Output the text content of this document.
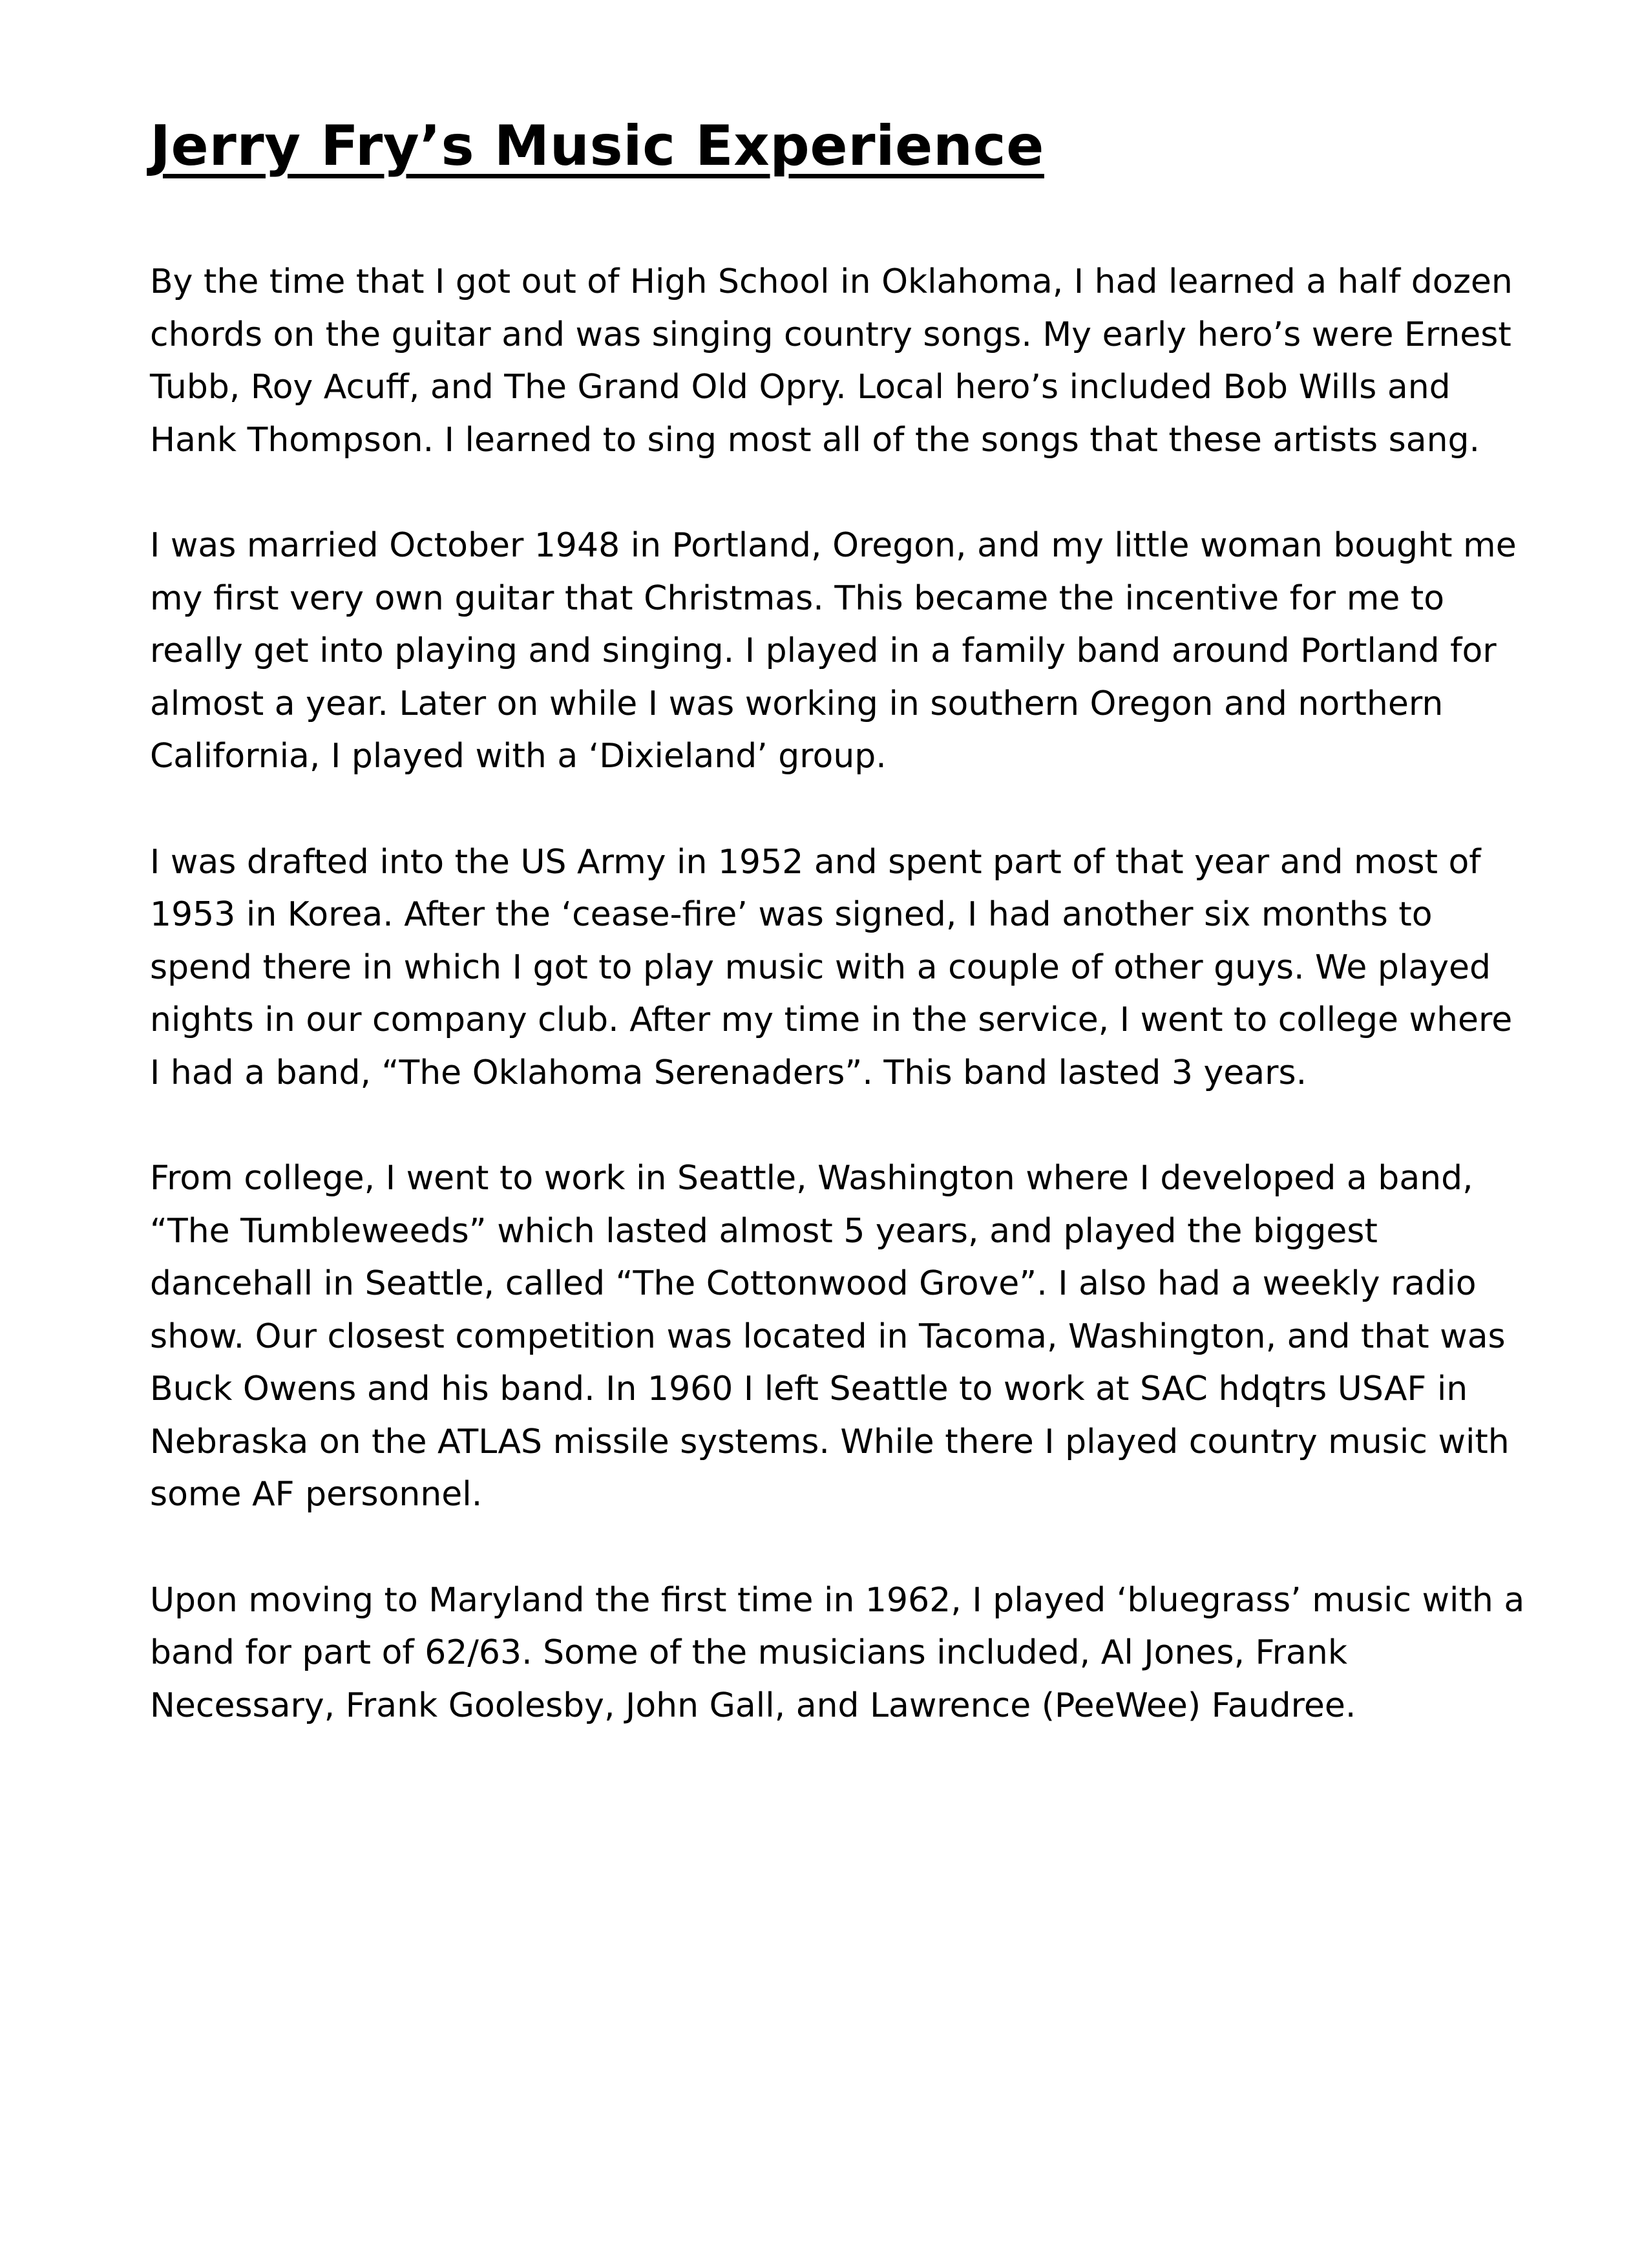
Jerry Fry’s Music Experience

By the time that I got out of High School in Oklahoma, I had learned a half dozen chords on the guitar and was singing country songs. My early hero’s were Ernest Tubb, Roy Acuff, and The Grand Old Opry. Local hero’s included Bob Wills and Hank Thompson. I learned to sing most all of the songs that these artists sang.

I was married October 1948 in Portland, Oregon, and my little woman bought me my first very own guitar that Christmas. This became the incentive for me to really get into playing and singing. I played in a family band around Portland for almost a year. Later on while I was working in southern Oregon and northern California, I played with a ‘Dixieland’ group.

I was drafted into the US Army in 1952 and spent part of that year and most of 1953 in Korea. After the ‘cease-fire’ was signed, I had another six months to spend there in which I got to play music with a couple of other guys. We played nights in our company club. After my time in the service, I went to college where I had a band, “The Oklahoma Serenaders”. This band lasted 3 years.

From college, I went to work in Seattle, Washington where I developed a band, “The Tumbleweeds” which lasted almost 5 years, and played the biggest dancehall in Seattle, called “The Cottonwood Grove”. I also had a weekly radio show. Our closest competition was located in Tacoma, Washington, and that was Buck Owens and his band. In 1960 I left Seattle to work at SAC hdqtrs USAF in Nebraska on the ATLAS missile systems. While there I played country music with some AF personnel.

Upon moving to Maryland the first time in 1962, I played ‘bluegrass’ music with a band for part of 62/63. Some of the musicians included, Al Jones, Frank Necessary, Frank Goolesby, John Gall, and Lawrence (PeeWee) Faudree.
